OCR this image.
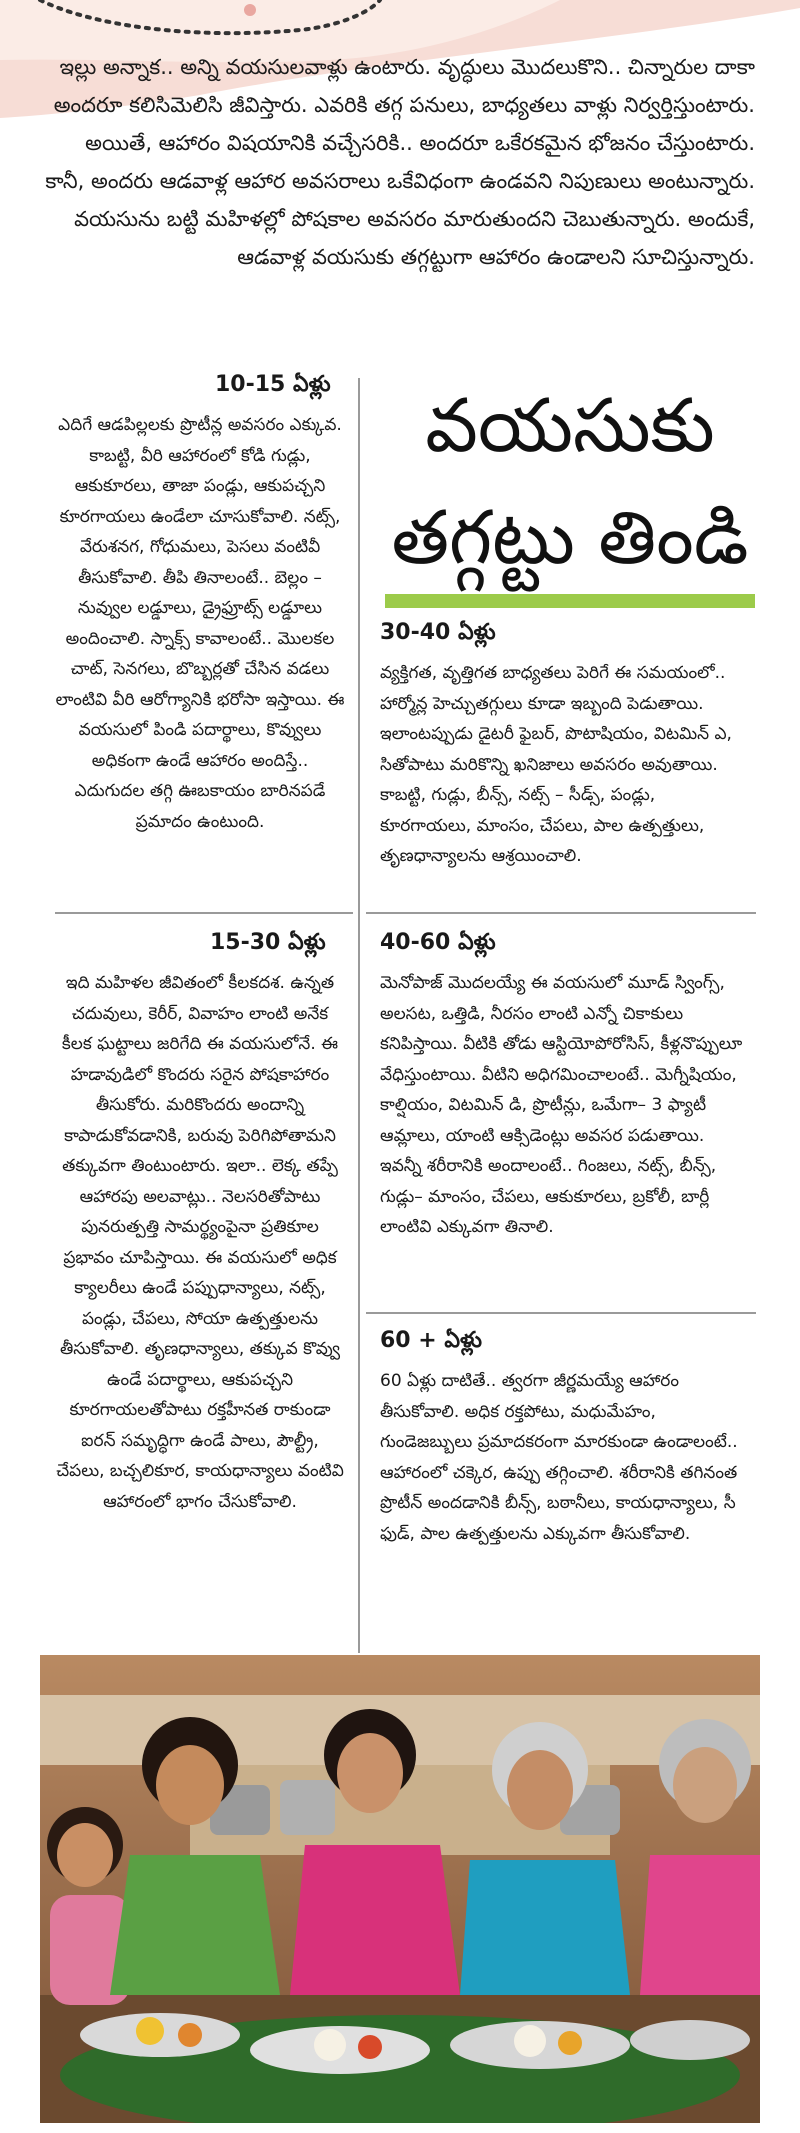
ఇల్లు అన్నాక.. అన్ని వయసులవాళ్లు ఉంటారు. వృద్ధులు మొదలుకొని.. చిన్నారుల దాకా అందరూ కలిసిమెలిసి జీవిస్తారు. ఎవరికి తగ్గ పనులు, బాధ్యతలు వాళ్లు నిర్వర్తిస్తుంటారు. అయితే, ఆహారం విషయానికి వచ్చేసరికి.. అందరూ ఒకేరకమైన భోజనం చేస్తుంటారు. కానీ, అందరు ఆడవాళ్ల ఆహార అవసరాలు ఒకేవిధంగా ఉండవని నిపుణులు అంటున్నారు. వయసును బట్టి మహిళల్లో పోషకాల అవసరం మారుతుందని చెబుతున్నారు. అందుకే, ఆడవాళ్ల వయసుకు తగ్గట్టుగా ఆహారం ఉండాలని సూచిస్తున్నారు.

వయసుకు
తగ్గట్టు తిండి
10-15 ఏళ్లు

ఎదిగే ఆడపిల్లలకు ప్రొటీన్ల అవసరం ఎక్కువ. కాబట్టి, వీరి ఆహారంలో కోడి గుడ్లు, ఆకుకూరలు, తాజా పండ్లు, ఆకుపచ్చని కూరగాయలు ఉండేలా చూసుకోవాలి. నట్స్, వేరుశనగ, గోధుమలు, పెసలు వంటివీ తీసుకోవాలి. తీపి తినాలంటే.. బెల్లం – నువ్వుల లడ్డూలు, డ్రైఫ్రూట్స్ లడ్డూలు అందించాలి. స్నాక్స్ కావాలంటే.. మొలకల చాట్, సెనగలు, బొబ్బర్లతో చేసిన వడలు లాంటివి వీరి ఆరోగ్యానికి భరోసా ఇస్తాయి. ఈ వయసులో పిండి పదార్థాలు, కొవ్వులు అధికంగా ఉండే ఆహారం అందిస్తే.. ఎదుగుదల తగ్గి ఊబకాయం బారినపడే ప్రమాదం ఉంటుంది.

15-30 ఏళ్లు

ఇది మహిళల జీవితంలో కీలకదశ. ఉన్నత చదువులు, కెరీర్, వివాహం లాంటి అనేక కీలక ఘట్టాలు జరిగేది ఈ వయసులోనే. ఈ హడావుడిలో కొందరు సరైన పోషకాహారం తీసుకోరు. మరికొందరు అందాన్ని కాపాడుకోవడానికి, బరువు పెరిగిపోతామని తక్కువగా తింటుంటారు. ఇలా.. లెక్క తప్పే ఆహారపు అలవాట్లు.. నెలసరితోపాటు పునరుత్పత్తి సామర్థ్యంపైనా ప్రతికూల ప్రభావం చూపిస్తాయి. ఈ వయసులో అధిక క్యాలరీలు ఉండే పప్పుధాన్యాలు, నట్స్, పండ్లు, చేపలు, సోయా ఉత్పత్తులను తీసుకోవాలి. తృణధాన్యాలు, తక్కువ కొవ్వు ఉండే పదార్థాలు, ఆకుపచ్చని కూరగాయలతోపాటు రక్తహీనత రాకుండా ఐరన్ సమృద్ధిగా ఉండే పాలు, పౌల్ట్రీ, చేపలు, బచ్చలికూర, కాయధాన్యాలు వంటివి ఆహారంలో భాగం చేసుకోవాలి.

30-40 ఏళ్లు

వ్యక్తిగత, వృత్తిగత బాధ్యతలు పెరిగే ఈ సమయంలో.. హార్మోన్ల హెచ్చుతగ్గులు కూడా ఇబ్బంది పెడుతాయి. ఇలాంటప్పుడు డైటరీ ఫైబర్, పొటాషియం, విటమిన్ ఎ, సితోపాటు మరికొన్ని ఖనిజాలు అవసరం అవుతాయి. కాబట్టి, గుడ్లు, బీన్స్, నట్స్ – సీడ్స్, పండ్లు, కూరగాయలు, మాంసం, చేపలు, పాల ఉత్పత్తులు, తృణధాన్యాలను ఆశ్రయించాలి.

40-60 ఏళ్లు

మెనోపాజ్ మొదలయ్యే ఈ వయసులో మూడ్ స్వింగ్స్, అలసట, ఒత్తిడి, నీరసం లాంటి ఎన్నో చికాకులు కనిపిస్తాయి. వీటికి తోడు ఆస్టియోపోరోసిస్, కీళ్లనొప్పులూ వేధిస్తుంటాయి. వీటిని అధిగమించాలంటే.. మెగ్నీషియం, కాల్షియం, విటమిన్ డి, ప్రొటీన్లు, ఒమేగా– 3 ఫ్యాటీ ఆమ్లాలు, యాంటి ఆక్సిడెంట్లు అవసర పడుతాయి. ఇవన్నీ శరీరానికి అందాలంటే.. గింజలు, నట్స్, బీన్స్, గుడ్లు– మాంసం, చేపలు, ఆకుకూరలు, బ్రకోలీ, బార్లీ లాంటివి ఎక్కువగా తినాలి.

60 + ఏళ్లు

60 ఏళ్లు దాటితే.. త్వరగా జీర్ణమయ్యే ఆహారం తీసుకోవాలి. అధిక రక్తపోటు, మధుమేహం, గుండెజబ్బులు ప్రమాదకరంగా మారకుండా ఉండాలంటే.. ఆహారంలో చక్కెర, ఉప్పు తగ్గించాలి. శరీరానికి తగినంత ప్రొటీన్ అందడానికి బీన్స్, బఠానీలు, కాయధాన్యాలు, సీ ఫుడ్, పాల ఉత్పత్తులను ఎక్కువగా తీసుకోవాలి.
